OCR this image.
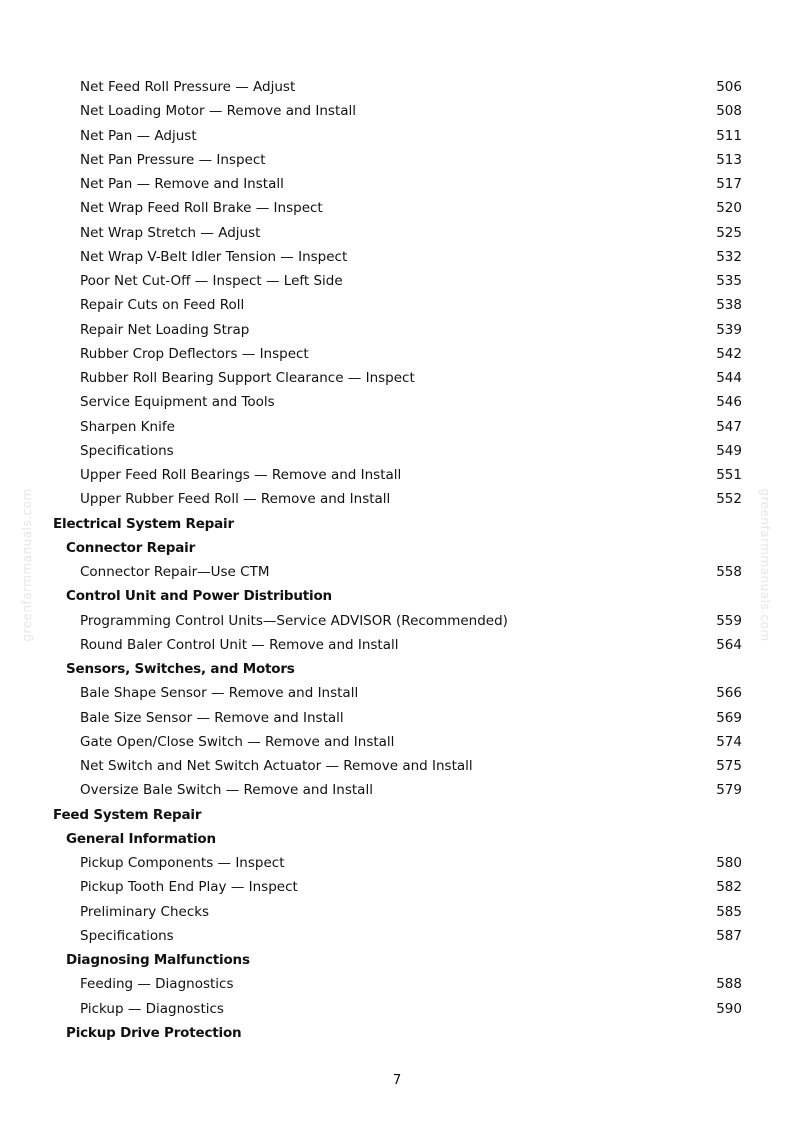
greenfarmmanuals.com	greenfarmmanuals.com
Net Feed Roll Pressure — Adjust	506
Net Loading Motor — Remove and Install	508
Net Pan — Adjust	511
Net Pan Pressure — Inspect	513
Net Pan — Remove and Install	517
Net Wrap Feed Roll Brake — Inspect	520
Net Wrap Stretch — Adjust	525
Net Wrap V-Belt Idler Tension — Inspect	532
Poor Net Cut-Off — Inspect — Left Side	535
Repair Cuts on Feed Roll	538
Repair Net Loading Strap	539
Rubber Crop Deflectors — Inspect	542
Rubber Roll Bearing Support Clearance — Inspect	544
Service Equipment and Tools	546
Sharpen Knife	547
Specifications	549
Upper Feed Roll Bearings — Remove and Install	551
Upper Rubber Feed Roll — Remove and Install	552
Electrical System Repair
Connector Repair
Connector Repair—Use CTM	558
Control Unit and Power Distribution
Programming Control Units—Service ADVISOR (Recommended)	559
Round Baler Control Unit — Remove and Install	564
Sensors, Switches, and Motors
Bale Shape Sensor — Remove and Install	566
Bale Size Sensor — Remove and Install	569
Gate Open/Close Switch — Remove and Install	574
Net Switch and Net Switch Actuator — Remove and Install	575
Oversize Bale Switch — Remove and Install	579
Feed System Repair
General Information
Pickup Components — Inspect	580
Pickup Tooth End Play — Inspect	582
Preliminary Checks	585
Specifications	587
Diagnosing Malfunctions
Feeding — Diagnostics	588
Pickup — Diagnostics	590
Pickup Drive Protection
7
